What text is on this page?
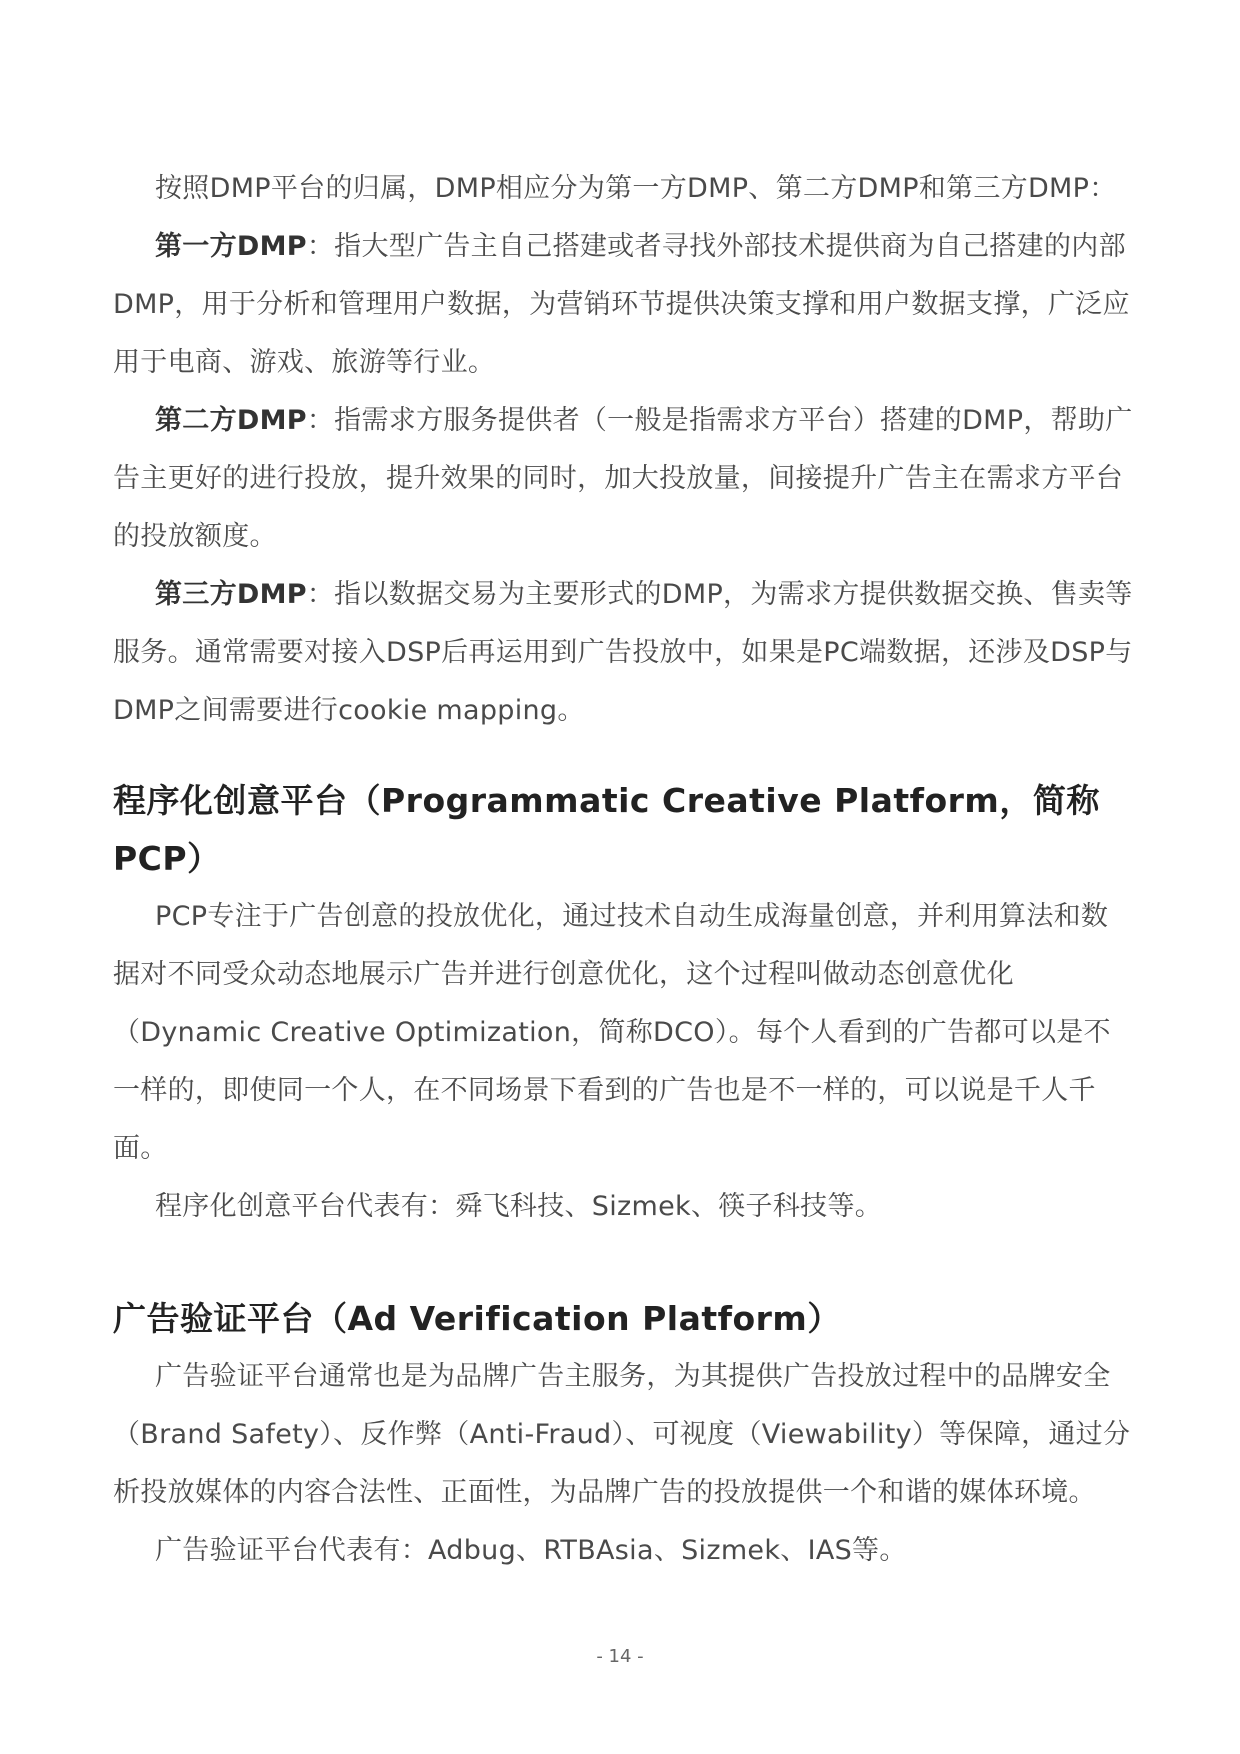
按照DMP平台的归属，DMP相应分为第一方DMP、第二方DMP和第三方DMP：

第一方DMP：指大型广告主自己搭建或者寻找外部技术提供商为自己搭建的内部DMP，用于分析和管理用户数据，为营销环节提供决策支撑和用户数据支撑，广泛应用于电商、游戏、旅游等行业。

第二方DMP：指需求方服务提供者（一般是指需求方平台）搭建的DMP，帮助广告主更好的进行投放，提升效果的同时，加大投放量，间接提升广告主在需求方平台的投放额度。

第三方DMP：指以数据交易为主要形式的DMP，为需求方提供数据交换、售卖等服务。通常需要对接入DSP后再运用到广告投放中，如果是PC端数据，还涉及DSP与DMP之间需要进行cookie mapping。

程序化创意平台（Programmatic Creative Platform，简称PCP）

PCP专注于广告创意的投放优化，通过技术自动生成海量创意，并利用算法和数据对不同受众动态地展示广告并进行创意优化，这个过程叫做动态创意优化（Dynamic Creative Optimization，简称DCO）。每个人看到的广告都可以是不一样的，即使同一个人，在不同场景下看到的广告也是不一样的，可以说是千人千面。

程序化创意平台代表有：舜飞科技、Sizmek、筷子科技等。

广告验证平台（Ad Verification Platform）

广告验证平台通常也是为品牌广告主服务，为其提供广告投放过程中的品牌安全（Brand Safety）、反作弊（Anti-Fraud）、可视度（Viewability）等保障，通过分析投放媒体的内容合法性、正面性，为品牌广告的投放提供一个和谐的媒体环境。

广告验证平台代表有：Adbug、RTBAsia、Sizmek、IAS等。

- 14 -
